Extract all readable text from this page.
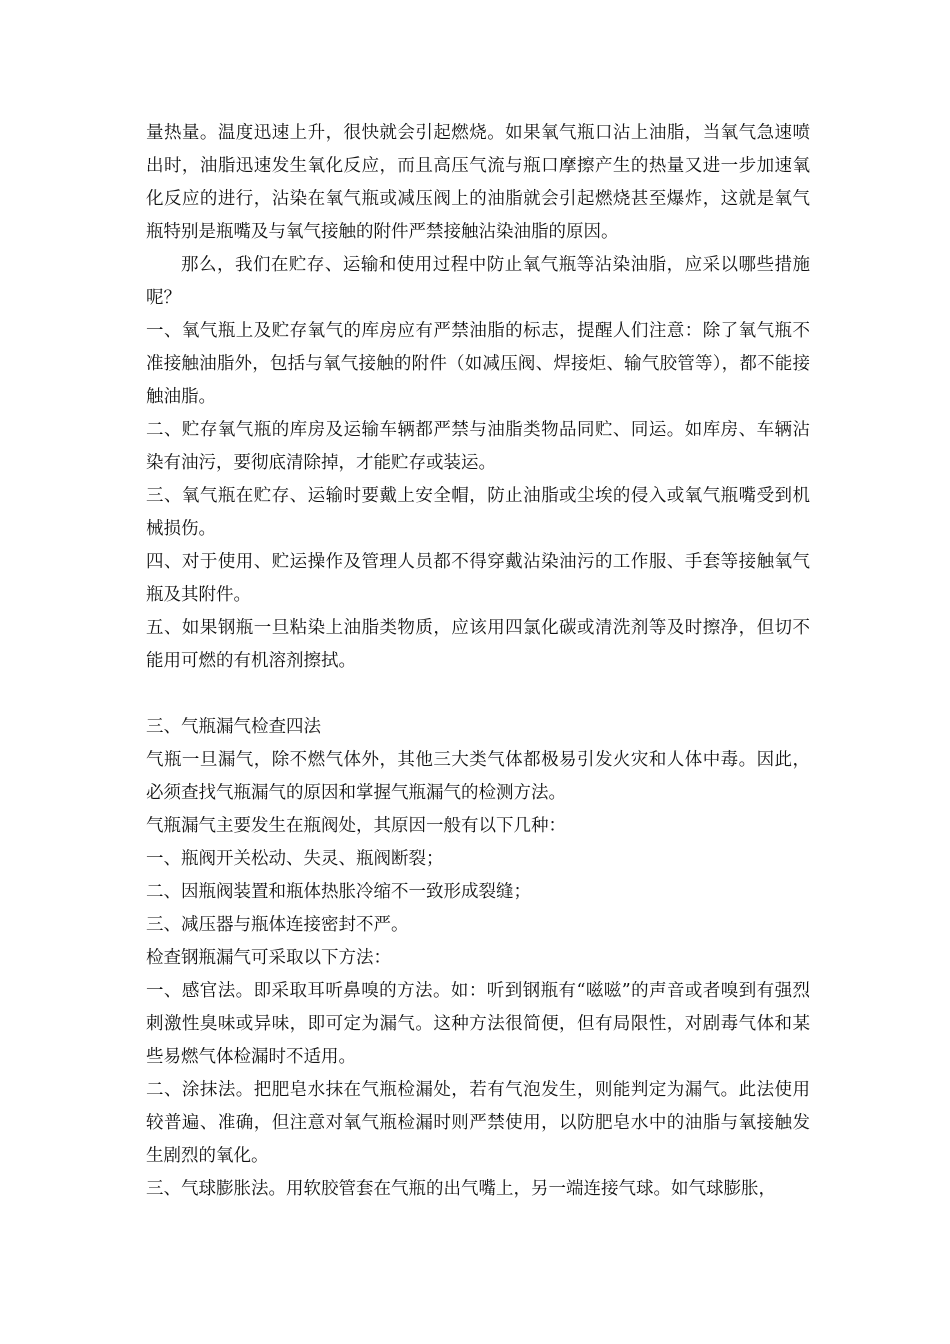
量热量。温度迅速上升，很快就会引起燃烧。如果氧气瓶口沾上油脂，当氧气急速喷出时，油脂迅速发生氧化反应，而且高压气流与瓶口摩擦产生的热量又进一步加速氧化反应的进行，沾染在氧气瓶或减压阀上的油脂就会引起燃烧甚至爆炸，这就是氧气瓶特别是瓶嘴及与氧气接触的附件严禁接触沾染油脂的原因。

那么，我们在贮存、运输和使用过程中防止氧气瓶等沾染油脂，应采以哪些措施呢？

一、氧气瓶上及贮存氧气的库房应有严禁油脂的标志，提醒人们注意：除了氧气瓶不准接触油脂外，包括与氧气接触的附件（如减压阀、焊接炬、输气胶管等），都不能接触油脂。

二、贮存氧气瓶的库房及运输车辆都严禁与油脂类物品同贮、同运。如库房、车辆沾染有油污，要彻底清除掉，才能贮存或装运。

三、氧气瓶在贮存、运输时要戴上安全帽，防止油脂或尘埃的侵入或氧气瓶嘴受到机械损伤。

四、对于使用、贮运操作及管理人员都不得穿戴沾染油污的工作服、手套等接触氧气瓶及其附件。

五、如果钢瓶一旦粘染上油脂类物质，应该用四氯化碳或清洗剂等及时擦净，但切不能用可燃的有机溶剂擦拭。

三、气瓶漏气检查四法

气瓶一旦漏气，除不燃气体外，其他三大类气体都极易引发火灾和人体中毒。因此，必须查找气瓶漏气的原因和掌握气瓶漏气的检测方法。

气瓶漏气主要发生在瓶阀处，其原因一般有以下几种：

一、瓶阀开关松动、失灵、瓶阀断裂；

二、因瓶阀装置和瓶体热胀冷缩不一致形成裂缝；

三、减压器与瓶体连接密封不严。

检查钢瓶漏气可采取以下方法：

一、感官法。即采取耳听鼻嗅的方法。如：听到钢瓶有“嗞嗞”的声音或者嗅到有强烈刺激性臭味或异味，即可定为漏气。这种方法很简便，但有局限性，对剧毒气体和某些易燃气体检漏时不适用。

二、涂抹法。把肥皂水抹在气瓶检漏处，若有气泡发生，则能判定为漏气。此法使用较普遍、准确，但注意对氧气瓶检漏时则严禁使用，以防肥皂水中的油脂与氧接触发生剧烈的氧化。

三、气球膨胀法。用软胶管套在气瓶的出气嘴上，另一端连接气球。如气球膨胀，
